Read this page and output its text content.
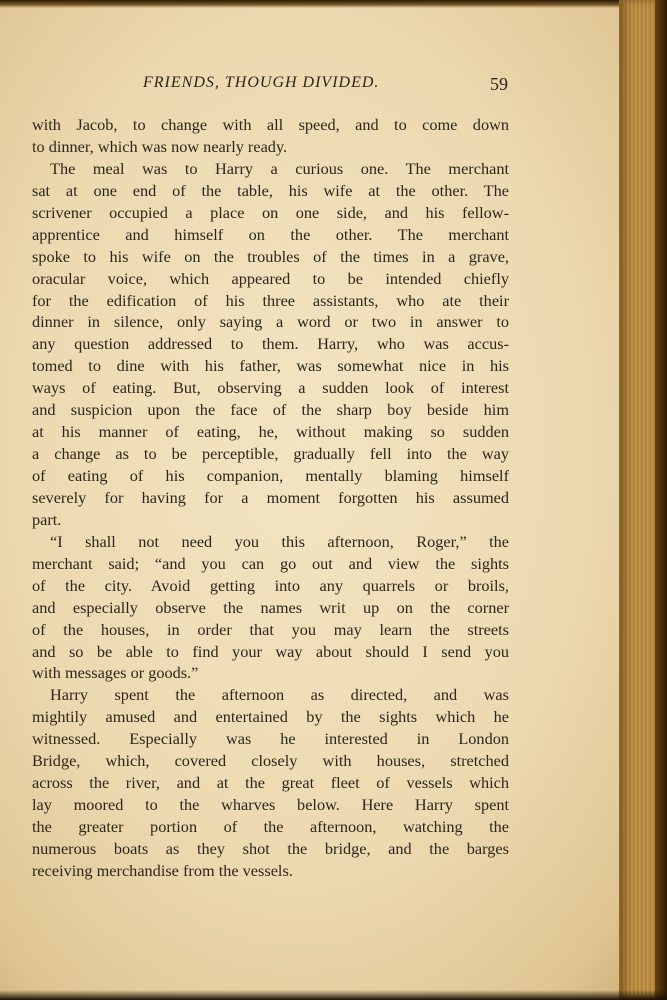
FRIENDS, THOUGH DIVIDED.	59
with Jacob, to change with all speed, and to come down
to dinner, which was now nearly ready.
The meal was to Harry a curious one. The merchant
sat at one end of the table, his wife at the other. The
scrivener occupied a place on one side, and his fellow-
apprentice and himself on the other. The merchant
spoke to his wife on the troubles of the times in a grave,
oracular voice, which appeared to be intended chiefly
for the edification of his three assistants, who ate their
dinner in silence, only saying a word or two in answer to
any question addressed to them. Harry, who was accus-
tomed to dine with his father, was somewhat nice in his
ways of eating. But, observing a sudden look of interest
and suspicion upon the face of the sharp boy beside him
at his manner of eating, he, without making so sudden
a change as to be perceptible, gradually fell into the way
of eating of his companion, mentally blaming himself
severely for having for a moment forgotten his assumed
part.
“I shall not need you this afternoon, Roger,” the
merchant said; “and you can go out and view the sights
of the city. Avoid getting into any quarrels or broils,
and especially observe the names writ up on the corner
of the houses, in order that you may learn the streets
and so be able to find your way about should I send you
with messages or goods.”
Harry spent the afternoon as directed, and was
mightily amused and entertained by the sights which he
witnessed. Especially was he interested in London
Bridge, which, covered closely with houses, stretched
across the river, and at the great fleet of vessels which
lay moored to the wharves below. Here Harry spent
the greater portion of the afternoon, watching the
numerous boats as they shot the bridge, and the barges
receiving merchandise from the vessels.
